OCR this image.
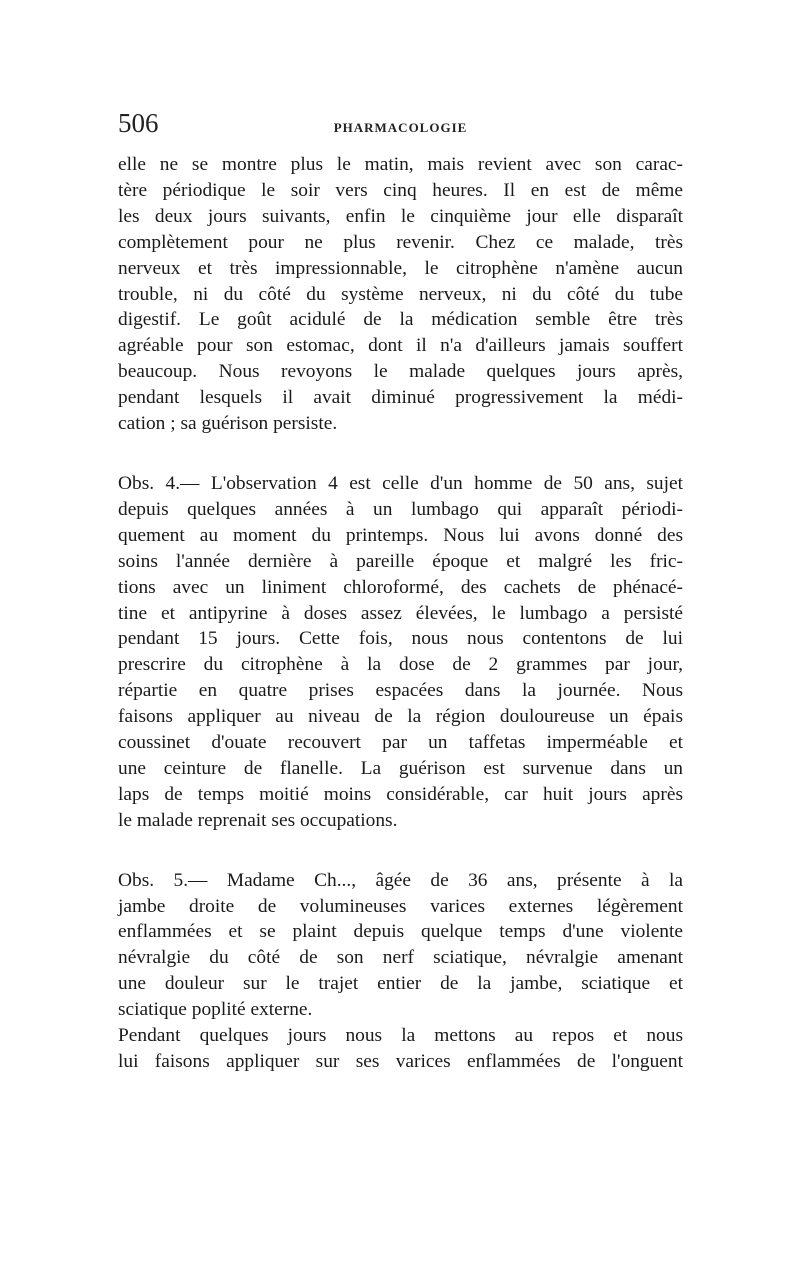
506	PHARMACOLOGIE
elle ne se montre plus le matin, mais revient avec son carac-
tère périodique le soir vers cinq heures. Il en est de même
les deux jours suivants, enfin le cinquième jour elle disparaît
complètement pour ne plus revenir. Chez ce malade, très
nerveux et très impressionnable, le citrophène n'amène aucun
trouble, ni du côté du système nerveux, ni du côté du tube
digestif. Le goût acidulé de la médication semble être très
agréable pour son estomac, dont il n'a d'ailleurs jamais souffert
beaucoup. Nous revoyons le malade quelques jours après,
pendant lesquels il avait diminué progressivement la médi-
cation ; sa guérison persiste.
Obs. 4.— L'observation 4 est celle d'un homme de 50 ans, sujet
depuis quelques années à un lumbago qui apparaît périodi-
quement au moment du printemps. Nous lui avons donné des
soins l'année dernière à pareille époque et malgré les fric-
tions avec un liniment chloroformé, des cachets de phénacé-
tine et antipyrine à doses assez élevées, le lumbago a persisté
pendant 15 jours. Cette fois, nous nous contentons de lui
prescrire du citrophène à la dose de 2 grammes par jour,
répartie en quatre prises espacées dans la journée. Nous
faisons appliquer au niveau de la région douloureuse un épais
coussinet d'ouate recouvert par un taffetas imperméable et
une ceinture de flanelle. La guérison est survenue dans un
laps de temps moitié moins considérable, car huit jours après
le malade reprenait ses occupations.
Obs. 5.— Madame Ch..., âgée de 36 ans, présente à la
jambe droite de volumineuses varices externes légèrement
enflammées et se plaint depuis quelque temps d'une violente
névralgie du côté de son nerf sciatique, névralgie amenant
une douleur sur le trajet entier de la jambe, sciatique et
sciatique poplité externe.
Pendant quelques jours nous la mettons au repos et nous
lui faisons appliquer sur ses varices enflammées de l'onguent
